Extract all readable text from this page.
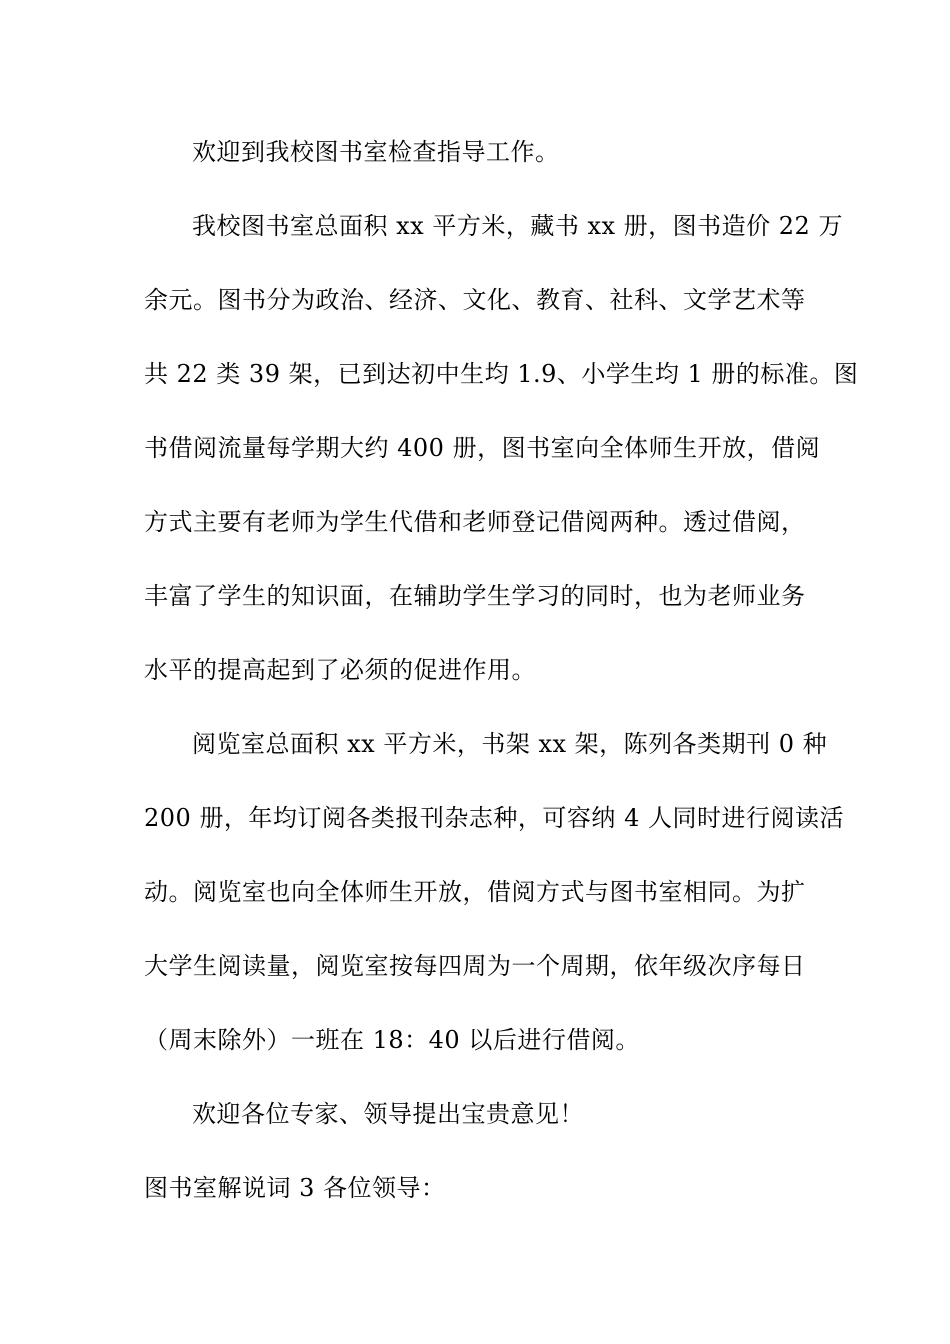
欢迎到我校图书室检查指导工作。
我校图书室总面积 xx 平方米，藏书 xx 册，图书造价 22 万
余元。图书分为政治、经济、文化、教育、社科、文学艺术等
共 22 类 39 架，已到达初中生均 1.9、小学生均 1 册的标准。图
书借阅流量每学期大约 400 册，图书室向全体师生开放，借阅
方式主要有老师为学生代借和老师登记借阅两种。透过借阅，
丰富了学生的知识面，在辅助学生学习的同时，也为老师业务
水平的提高起到了必须的促进作用。
阅览室总面积 xx 平方米，书架 xx 架，陈列各类期刊 0 种
200 册，年均订阅各类报刊杂志种，可容纳 4 人同时进行阅读活
动。阅览室也向全体师生开放，借阅方式与图书室相同。为扩
大学生阅读量，阅览室按每四周为一个周期，依年级次序每日
（周末除外）一班在 18：40 以后进行借阅。
欢迎各位专家、领导提出宝贵意见！
图书室解说词 3 各位领导：
